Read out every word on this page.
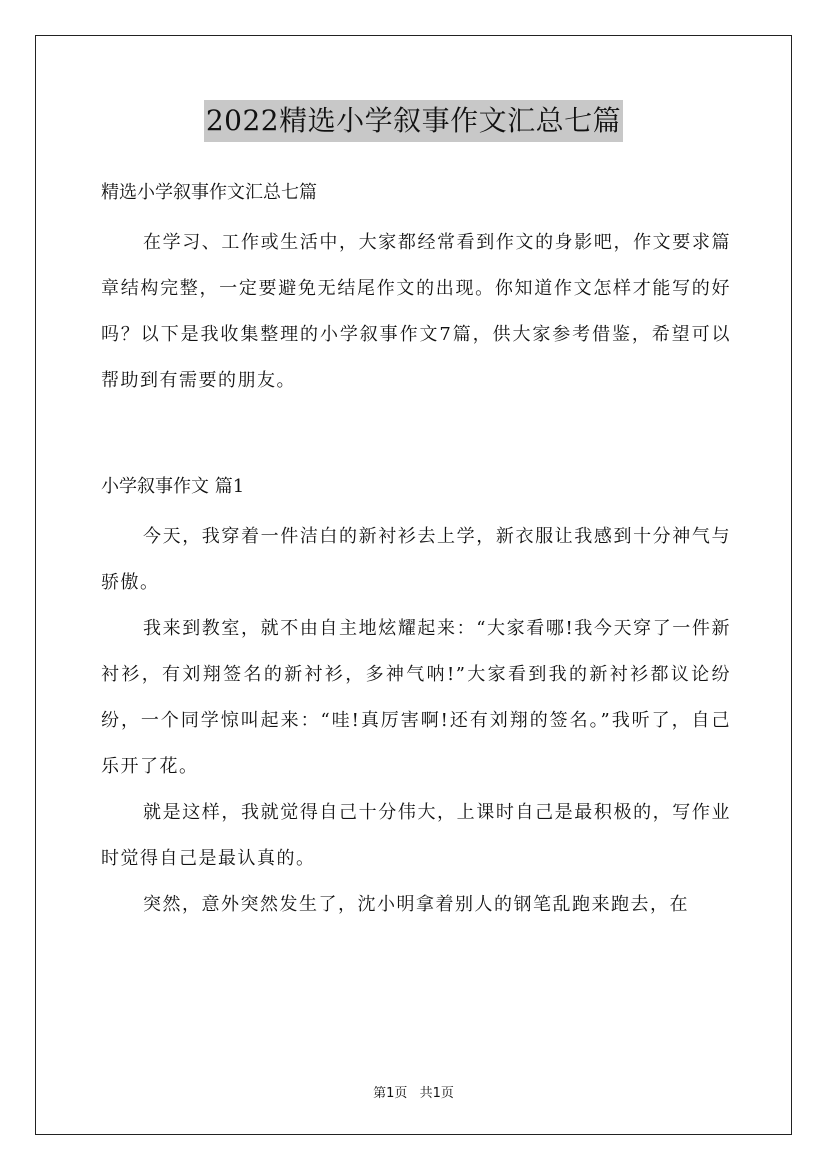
2022精选小学叙事作文汇总七篇

精选小学叙事作文汇总七篇

在学习、工作或生活中，大家都经常看到作文的身影吧，作文要求篇章结构完整，一定要避免无结尾作文的出现。你知道作文怎样才能写的好吗？以下是我收集整理的小学叙事作文7篇，供大家参考借鉴，希望可以帮助到有需要的朋友。

小学叙事作文 篇1

今天，我穿着一件洁白的新衬衫去上学，新衣服让我感到十分神气与骄傲。

我来到教室，就不由自主地炫耀起来：“大家看哪!我今天穿了一件新衬衫，有刘翔签名的新衬衫，多神气呐!”大家看到我的新衬衫都议论纷纷，一个同学惊叫起来：“哇!真厉害啊!还有刘翔的签名。”我听了，自己乐开了花。

就是这样，我就觉得自己十分伟大，上课时自己是最积极的，写作业时觉得自己是最认真的。

突然，意外突然发生了，沈小明拿着别人的钢笔乱跑来跑去，在

第1页 共1页
